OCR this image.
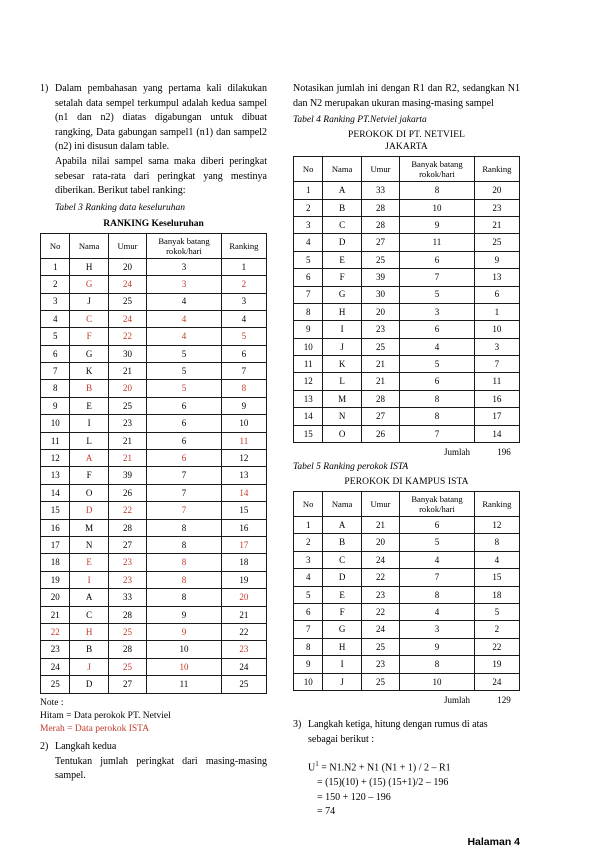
1) Dalam pembahasan yang pertama kali dilakukan setalah data sempel terkumpul adalah kedua sampel (n1 dan n2) diatas digabungan untuk dibuat rangking, Data gabungan sampel1 (n1) dan sampel2 (n2) ini disusun dalam table.
Apabila nilai sampel sama maka diberi peringkat sebesar rata-rata dari peringkat yang mestinya diberikan. Berikut tabel ranking:
Tabel 3 Ranking data keseluruhan
RANKING Keseluruhan
No	Nama	Umur	Banyak batang rokok/hari	Ranking
1	H	20	3	1
2	G	24	3	2
3	J	25	4	3
4	C	24	4	4
5	F	22	4	5
6	G	30	5	6
7	K	21	5	7
8	B	20	5	8
9	E	25	6	9
10	I	23	6	10
11	L	21	6	11
12	A	21	6	12
13	F	39	7	13
14	O	26	7	14
15	D	22	7	15
16	M	28	8	16
17	N	27	8	17
18	E	23	8	18
19	I	23	8	19
20	A	33	8	20
21	C	28	9	21
22	H	25	9	22
23	B	28	10	23
24	J	25	10	24
25	D	27	11	25
Note :
Hitam = Data perokok PT. Netviel
Merah = Data perokok ISTA
2) Langkah kedua
Tentukan jumlah peringkat dari masing-masing sampel.
Notasikan jumlah ini dengan R1 dan R2, sedangkan N1 dan N2 merupakan ukuran masing-masing sampel
Tabel 4 Ranking PT.Netviel jakarta
PEROKOK DI PT. NETVIEL
JAKARTA
No	Nama	Umur	Banyak batang rokok/hari	Ranking
1	A	33	8	20
2	B	28	10	23
3	C	28	9	21
4	D	27	11	25
5	E	25	6	9
6	F	39	7	13
7	G	30	5	6
8	H	20	3	1
9	I	23	6	10
10	J	25	4	3
11	K	21	5	7
12	L	21	6	11
13	M	28	8	16
14	N	27	8	17
15	O	26	7	14
Jumlah	196
Tabel 5 Ranking perokok ISTA
PEROKOK DI KAMPUS ISTA
No	Nama	Umur	Banyak batang rokok/hari	Ranking
1	A	21	6	12
2	B	20	5	8
3	C	24	4	4
4	D	22	7	15
5	E	23	8	18
6	F	22	4	5
7	G	24	3	2
8	H	25	9	22
9	I	23	8	19
10	J	25	10	24
Jumlah	129
3) Langkah ketiga, hitung dengan rumus di atas sebagai berikut :
$U^1 = N1.N2 + N1$ (N1 + 1) / 2 – R1
= (15)(10) + (15) (15+1)/2 – 196
= 150 + 120 – 196
= 74
Halaman 4
